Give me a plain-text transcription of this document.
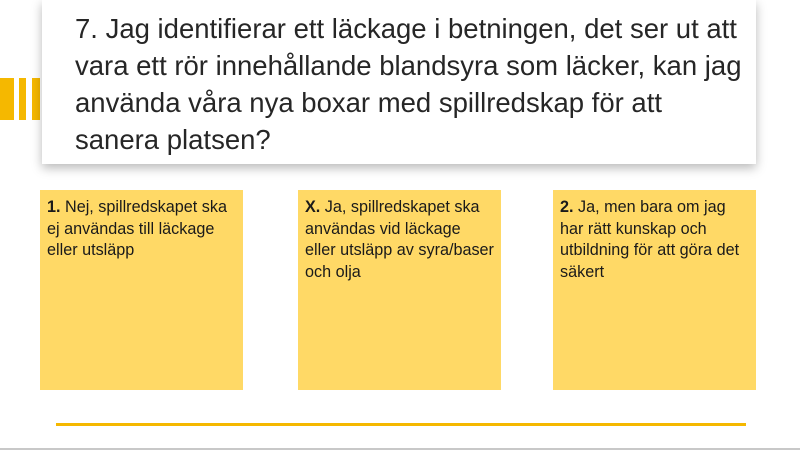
7. Jag identifierar ett läckage i betningen, det ser ut att vara ett rör innehållande blandsyra som läcker, kan jag använda våra nya boxar med spillredskap för att sanera platsen?

1. Nej, spillredskapet ska ej användas till läckage eller utsläpp
X. Ja, spillredskapet ska användas vid läckage eller utsläpp av syra/baser och olja
2. Ja, men bara om jag har rätt kunskap och utbildning för att göra det säkert
